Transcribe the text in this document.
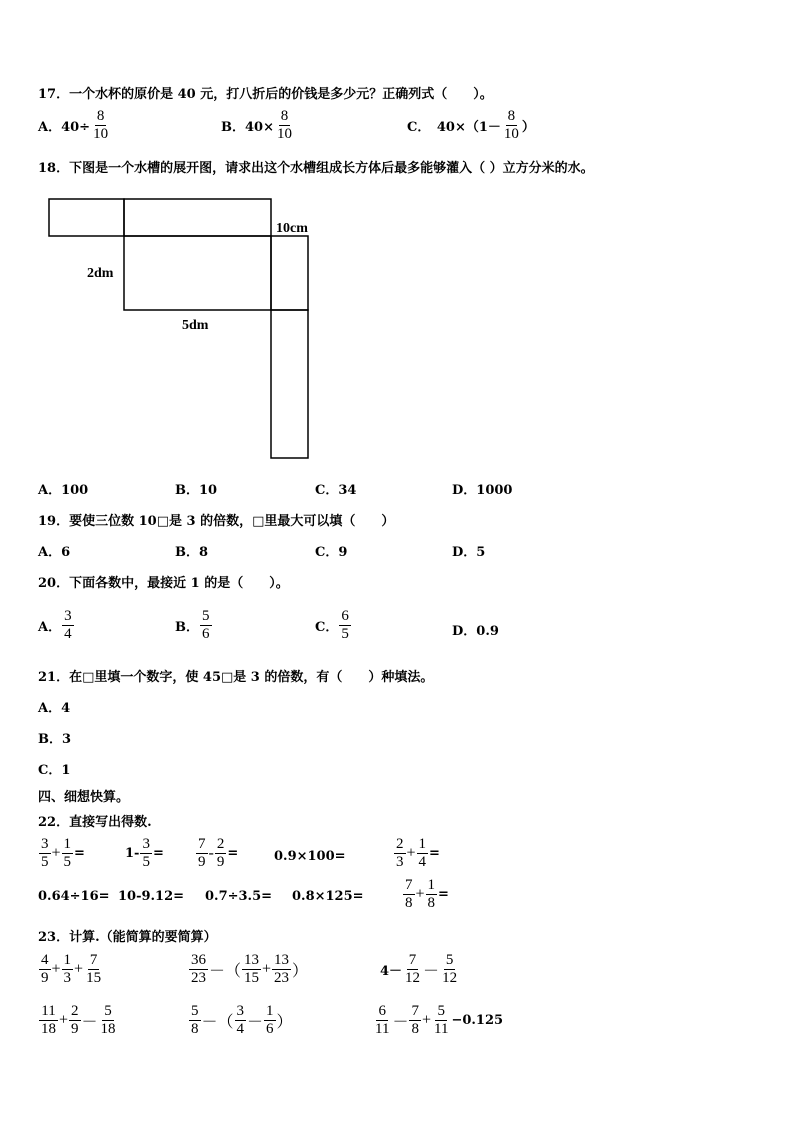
17．一个水杯的原价是 40 元，打八折后的价钱是多少元？正确列式（　　）。
A．$40\div \frac{8}{10}$	B．$40\times \frac{8}{10}$	C．　$40\times(1- \frac{8}{10}$ ）
18．下图是一个水槽的展开图，请求出这个水槽组成长方体后最多能够灌入（ ）立方分米的水。
10cm
2dm
5dm
A．100	B．10	C．34	D．1000
19．要使三位数 10□是 3 的倍数，□里最大可以填（　　）
A．6	B．8	C．9	D．5
20．下面各数中，最接近 1 的是（　　）。
A． $\frac{3}{4}$	B． $\frac{5}{6}$	C． $\frac{6}{5}$	D．0.9
21．在□里填一个数字，使 45□是 3 的倍数，有（　　）种填法。
A．4
B．3
C．1
四、细想快算。
22．直接写出得数.
$\frac{3}{5} + \frac{1}{5}$ =	$1- \frac{3}{5} = \frac{7}{9} - \frac{2}{9}$ =	0.9×100=	$\frac{2}{3} + \frac{1}{4}$ =
0.64÷16= 10-9.12= 0.7÷3.5= 0.8×125=	$\frac{7}{8} + \frac{1}{8}$ =
23．计算.（能简算的要简算）
$\frac{4}{9} + \frac{1}{3} + \frac{7}{15}$	$\frac{36}{23}$ －（ $\frac{13}{15} + \frac{13}{23}$ ）	$4- \frac{7}{12} - \frac{5}{12}$
$\frac{11}{18} + \frac{2}{9} - \frac{5}{18}$	$\frac{5}{8}$ －（ $\frac{3}{4} - \frac{1}{6}$ ）	$\frac{6}{11} - \frac{7}{8} + \frac{5}{11} -0.125$
